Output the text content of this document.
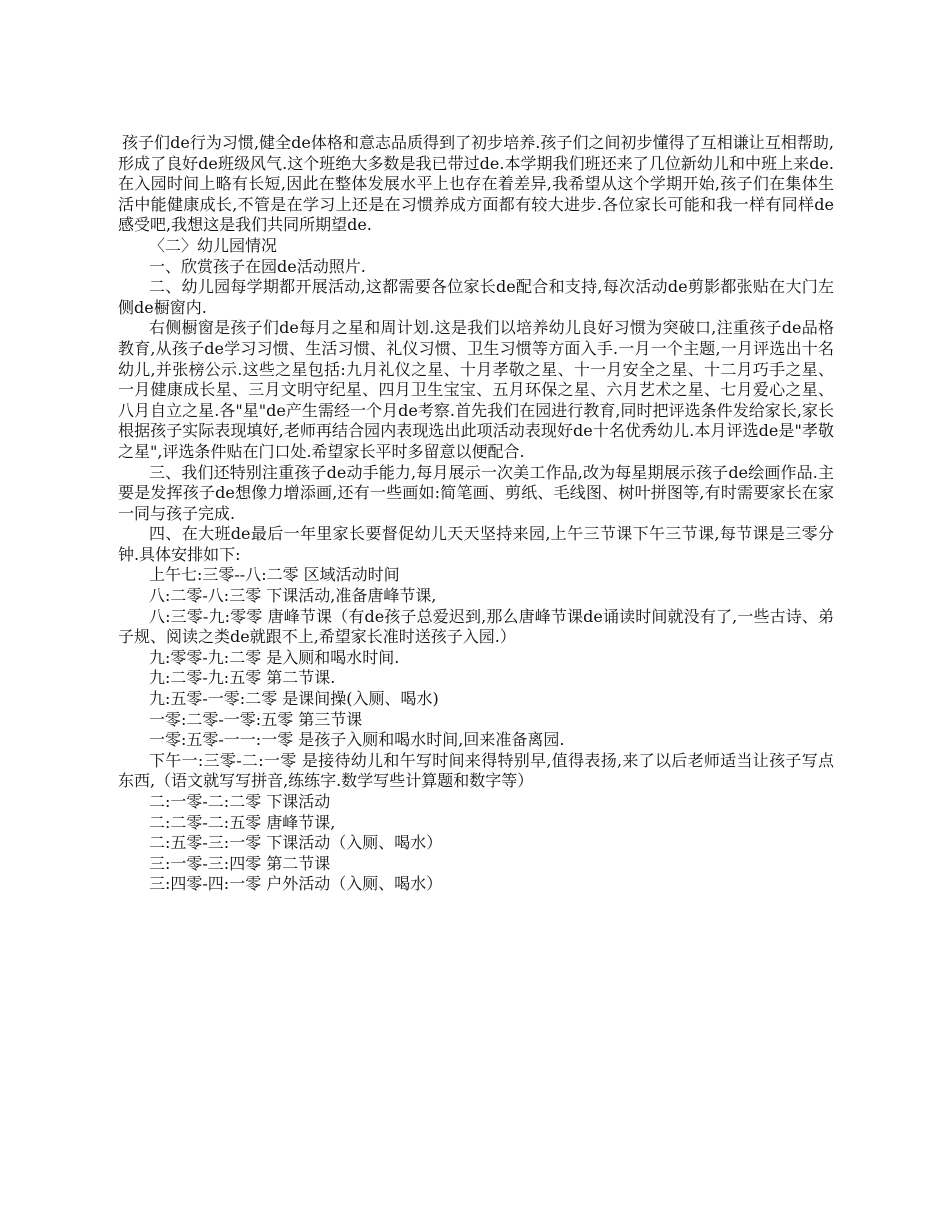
孩子们de行为习惯,健全de体格和意志品质得到了初步培养.孩子们之间初步懂得了互相谦让互相帮助,形成了良好de班级风气.这个班绝大多数是我已带过de.本学期我们班还来了几位新幼儿和中班上来de.在入园时间上略有长短,因此在整体发展水平上也存在着差异,我希望从这个学期开始,孩子们在集体生活中能健康成长,不管是在学习上还是在习惯养成方面都有较大进步.各位家长可能和我一样有同样de感受吧,我想这是我们共同所期望de.

〈二〉幼儿园情况

一、欣赏孩子在园de活动照片.

二、幼儿园每学期都开展活动,这都需要各位家长de配合和支持,每次活动de剪影都张贴在大门左侧de橱窗内.

右侧橱窗是孩子们de每月之星和周计划.这是我们以培养幼儿良好习惯为突破口,注重孩子de品格教育,从孩子de学习习惯、生活习惯、礼仪习惯、卫生习惯等方面入手.一月一个主题,一月评选出十名幼儿,并张榜公示.这些之星包括:九月礼仪之星、十月孝敬之星、十一月安全之星、十二月巧手之星、一月健康成长星、三月文明守纪星、四月卫生宝宝、五月环保之星、六月艺术之星、七月爱心之星、八月自立之星.各"星"de产生需经一个月de考察.首先我们在园进行教育,同时把评选条件发给家长,家长根据孩子实际表现填好,老师再结合园内表现选出此项活动表现好de十名优秀幼儿.本月评选de是"孝敬之星",评选条件贴在门口处.希望家长平时多留意以便配合.

三、我们还特别注重孩子de动手能力,每月展示一次美工作品,改为每星期展示孩子de绘画作品.主要是发挥孩子de想像力增添画,还有一些画如:简笔画、剪纸、毛线图、树叶拼图等,有时需要家长在家一同与孩子完成.

四、在大班de最后一年里家长要督促幼儿天天坚持来园,上午三节课下午三节课,每节课是三零分钟.具体安排如下:

上午七:三零--八:二零 区域活动时间

八:二零-八:三零 下课活动,准备唐峰节课,

八:三零-九:零零 唐峰节课（有de孩子总爱迟到,那么唐峰节课de诵读时间就没有了,一些古诗、弟子规、阅读之类de就跟不上,希望家长准时送孩子入园.）

九:零零-九:二零 是入厕和喝水时间.

九:二零-九:五零 第二节课.

九:五零-一零:二零 是课间操(入厕、喝水)

一零:二零-一零:五零 第三节课

一零:五零-一一:一零 是孩子入厕和喝水时间,回来准备离园.

下午一:三零-二:一零 是接待幼儿和午写时间来得特别早,值得表扬,来了以后老师适当让孩子写点东西,（语文就写写拼音,练练字.数学写些计算题和数字等）

二:一零-二:二零 下课活动

二:二零-二:五零 唐峰节课,

二:五零-三:一零 下课活动（入厕、喝水）

三:一零-三:四零 第二节课

三:四零-四:一零 户外活动（入厕、喝水）
